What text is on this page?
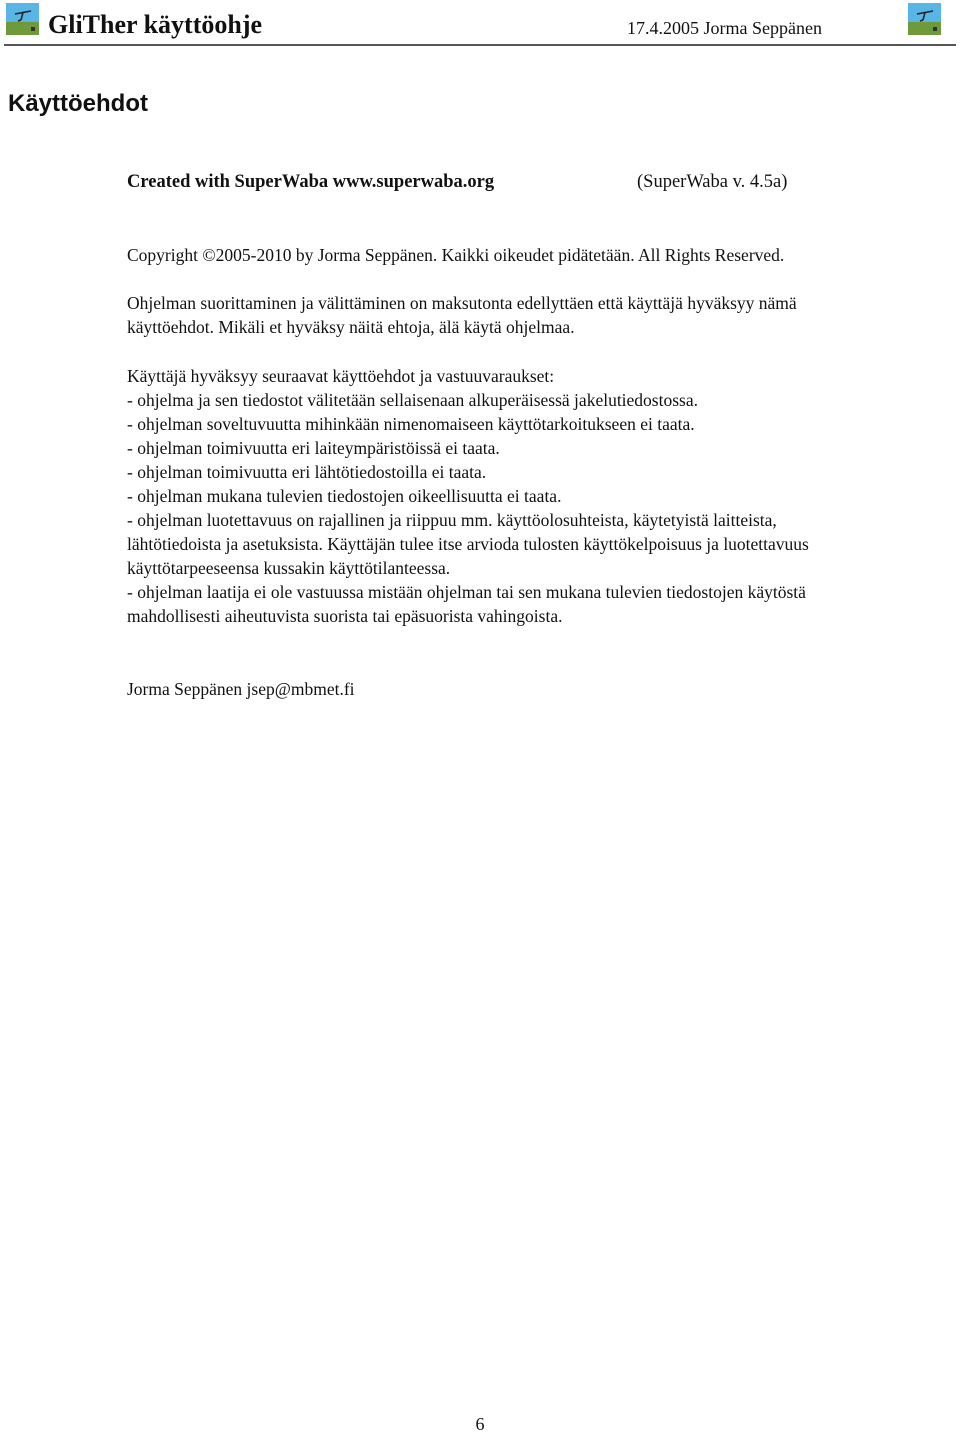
GliTher käyttöohje	17.4.2005 Jorma Seppänen
Käyttöehdot
Created with SuperWaba www.superwaba.org	(SuperWaba v. 4.5a)

Copyright ©2005-2010 by Jorma Seppänen. Kaikki oikeudet pidätetään. All Rights Reserved.

Ohjelman suorittaminen ja välittäminen on maksutonta edellyttäen että käyttäjä hyväksyy nämä
käyttöehdot. Mikäli et hyväksy näitä ehtoja, älä käytä ohjelmaa.

Käyttäjä hyväksyy seuraavat käyttöehdot ja vastuuvaraukset:
- ohjelma ja sen tiedostot välitetään sellaisenaan alkuperäisessä jakelutiedostossa.
- ohjelman soveltuvuutta mihinkään nimenomaiseen käyttötarkoitukseen ei taata.
- ohjelman toimivuutta eri laiteympäristöissä ei taata.
- ohjelman toimivuutta eri lähtötiedostoilla ei taata.
- ohjelman mukana tulevien tiedostojen oikeellisuutta ei taata.
- ohjelman luotettavuus on rajallinen ja riippuu mm. käyttöolosuhteista, käytetyistä laitteista,
lähtötiedoista ja asetuksista. Käyttäjän tulee itse arvioda tulosten käyttökelpoisuus ja luotettavuus
käyttötarpeeseensa kussakin käyttötilanteessa.
- ohjelman laatija ei ole vastuussa mistään ohjelman tai sen mukana tulevien tiedostojen käytöstä
mahdollisesti aiheutuvista suorista tai epäsuorista vahingoista.

Jorma Seppänen jsep@mbmet.fi

6
